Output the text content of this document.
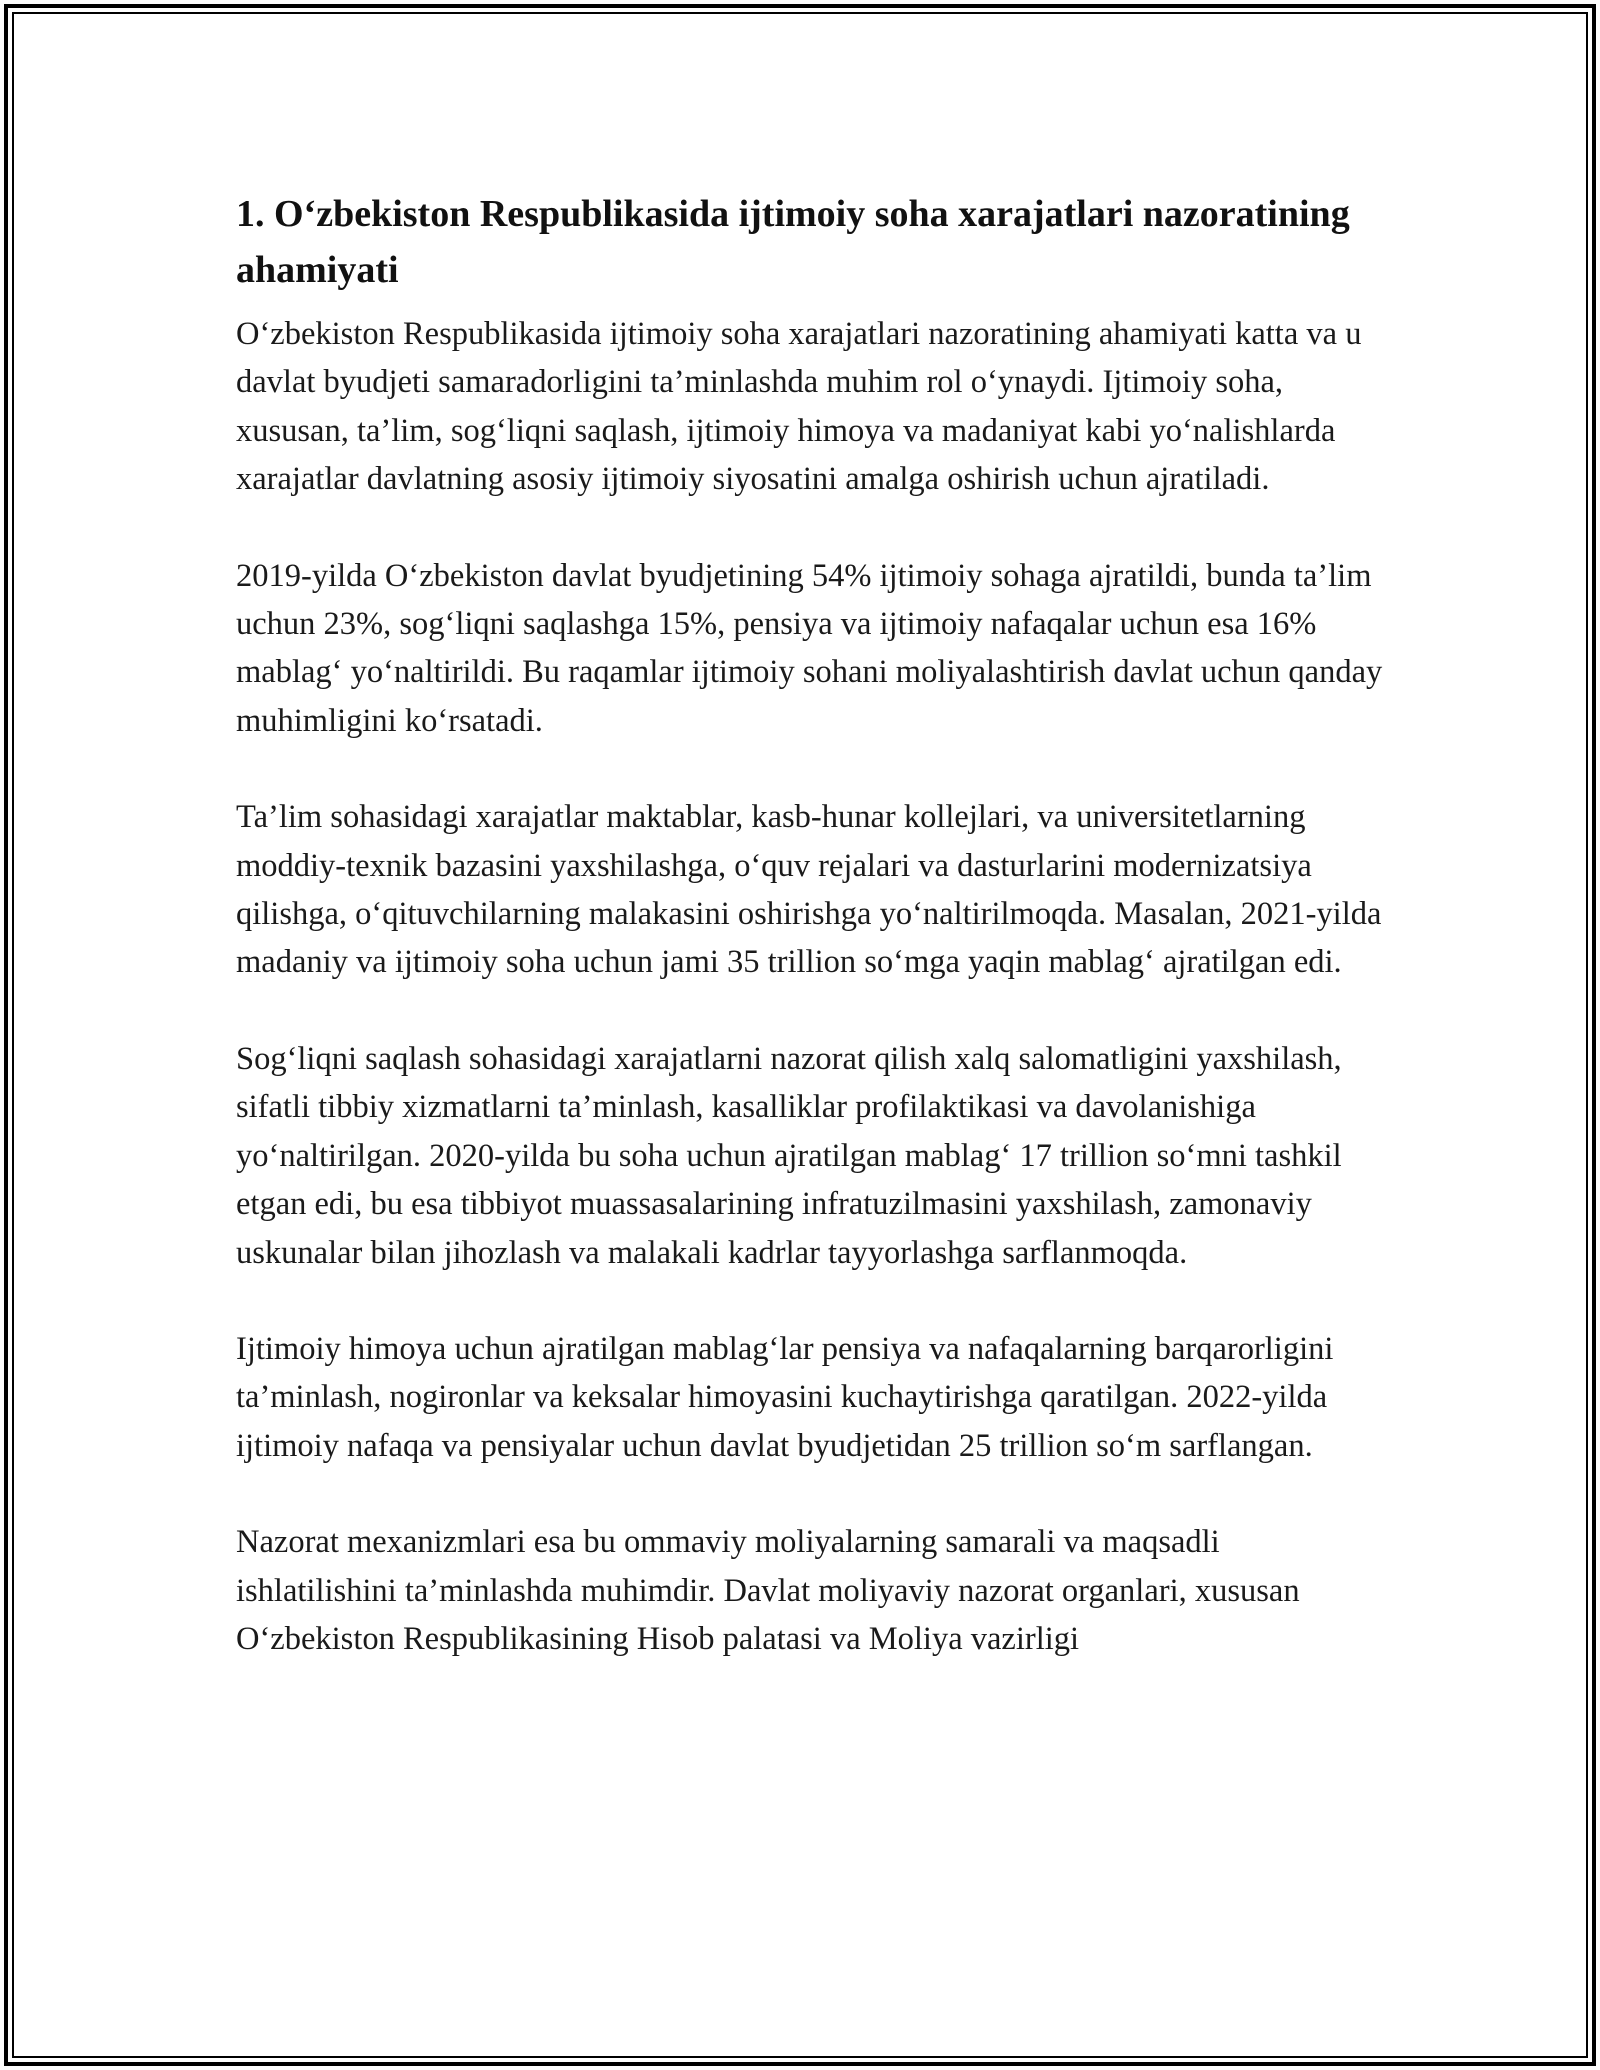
1. O‘zbekiston Respublikasida ijtimoiy soha xarajatlari nazoratining ahamiyati

O‘zbekiston Respublikasida ijtimoiy soha xarajatlari nazoratining ahamiyati katta va u davlat byudjeti samaradorligini ta’minlashda muhim rol o‘ynaydi. Ijtimoiy soha, xususan, ta’lim, sog‘liqni saqlash, ijtimoiy himoya va madaniyat kabi yo‘nalishlarda xarajatlar davlatning asosiy ijtimoiy siyosatini amalga oshirish uchun ajratiladi.

2019-yilda O‘zbekiston davlat byudjetining 54% ijtimoiy sohaga ajratildi, bunda ta’lim uchun 23%, sog‘liqni saqlashga 15%, pensiya va ijtimoiy nafaqalar uchun esa 16% mablag‘ yo‘naltirildi. Bu raqamlar ijtimoiy sohani moliyalashtirish davlat uchun qanday muhimligini ko‘rsatadi.

Ta’lim sohasidagi xarajatlar maktablar, kasb-hunar kollejlari, va universitetlarning moddiy-texnik bazasini yaxshilashga, o‘quv rejalari va dasturlarini modernizatsiya qilishga, o‘qituvchilarning malakasini oshirishga yo‘naltirilmoqda. Masalan, 2021-yilda madaniy va ijtimoiy soha uchun jami 35 trillion so‘mga yaqin mablag‘ ajratilgan edi.

Sog‘liqni saqlash sohasidagi xarajatlarni nazorat qilish xalq salomatligini yaxshilash, sifatli tibbiy xizmatlarni ta’minlash, kasalliklar profilaktikasi va davolanishiga yo‘naltirilgan. 2020-yilda bu soha uchun ajratilgan mablag‘ 17 trillion so‘mni tashkil etgan edi, bu esa tibbiyot muassasalarining infratuzilmasini yaxshilash, zamonaviy uskunalar bilan jihozlash va malakali kadrlar tayyorlashga sarflanmoqda.

Ijtimoiy himoya uchun ajratilgan mablag‘lar pensiya va nafaqalarning barqarorligini ta’minlash, nogironlar va keksalar himoyasini kuchaytirishga qaratilgan. 2022-yilda ijtimoiy nafaqa va pensiyalar uchun davlat byudjetidan 25 trillion so‘m sarflangan.

Nazorat mexanizmlari esa bu ommaviy moliyalarning samarali va maqsadli ishlatilishini ta’minlashda muhimdir. Davlat moliyaviy nazorat organlari, xususan O‘zbekiston Respublikasining Hisob palatasi va Moliya vazirligi
